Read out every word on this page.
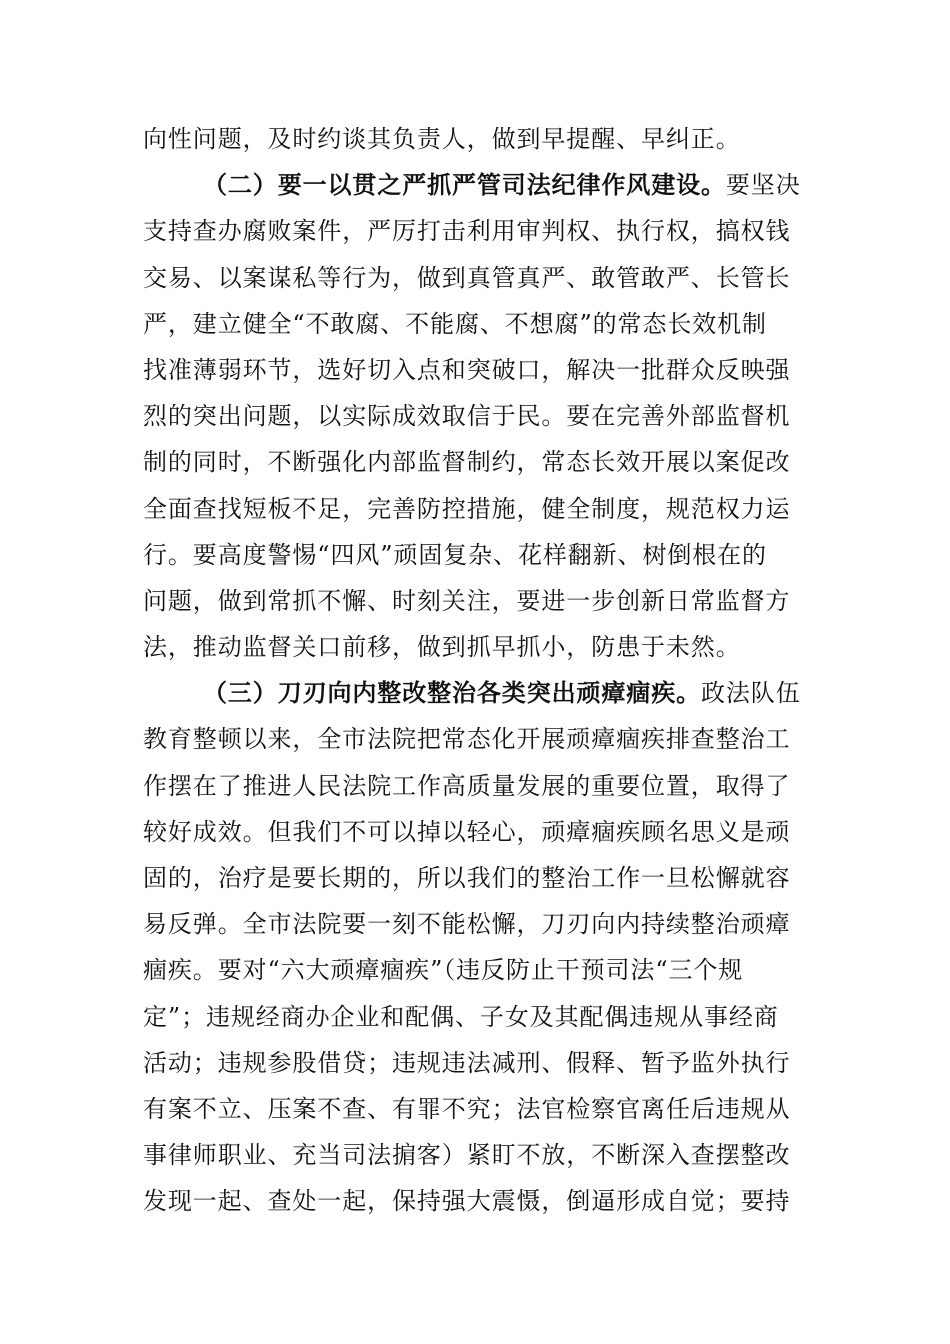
向性问题，及时约谈其负责人，做到早提醒、早纠正。
（二）要一以贯之严抓严管司法纪律作风建设。要坚决
支持查办腐败案件，严厉打击利用审判权、执行权，搞权钱
交易、以案谋私等行为，做到真管真严、敢管敢严、长管长
严，建立健全“不敢腐、不能腐、不想腐”的常态长效机制
找准薄弱环节，选好切入点和突破口，解决一批群众反映强
烈的突出问题，以实际成效取信于民。要在完善外部监督机
制的同时，不断强化内部监督制约，常态长效开展以案促改
全面查找短板不足，完善防控措施，健全制度，规范权力运
行。要高度警惕“四风”顽固复杂、花样翻新、树倒根在的
问题，做到常抓不懈、时刻关注，要进一步创新日常监督方
法，推动监督关口前移，做到抓早抓小，防患于未然。
（三）刀刃向内整改整治各类突出顽瘴痼疾。政法队伍
教育整顿以来，全市法院把常态化开展顽瘴痼疾排查整治工
作摆在了推进人民法院工作高质量发展的重要位置，取得了
较好成效。但我们不可以掉以轻心，顽瘴痼疾顾名思义是顽
固的，治疗是要长期的，所以我们的整治工作一旦松懈就容
易反弹。全市法院要一刻不能松懈，刀刃向内持续整治顽瘴
痼疾。要对“六大顽瘴痼疾”（违反防止干预司法“三个规
定”；违规经商办企业和配偶、子女及其配偶违规从事经商
活动；违规参股借贷；违规违法减刑、假释、暂予监外执行
有案不立、压案不查、有罪不究；法官检察官离任后违规从
事律师职业、充当司法掮客）紧盯不放，不断深入查摆整改
发现一起、查处一起，保持强大震慑，倒逼形成自觉；要持
